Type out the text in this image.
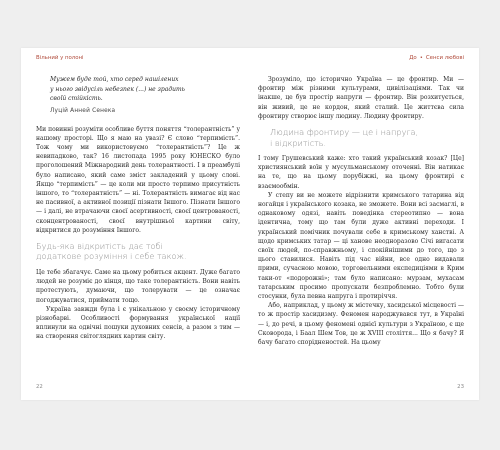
Вільний у полоні

Мужем буде той, хто серед нашілених
у нього звідусіль небезпек (...) не зрадить
своїй стійкість.

Луцій Анней Сенека

Ми повинні розуміти особливе буття поняття “толерантність” у нашому просторі. Що я маю на увазі? Є слово “терпимість”. Тож чому ми використовуємо “толерантність”? Це ж невипадково, так? 16 листопада 1995 року ЮНЕСКО було проголошений Міжнародний день толерантності. І в преамбулі було написано, який саме зміст закладений у цьому слові. Якщо “терпимість” — це коли ми просто терпимо присутність іншого, то “толерантність” — ні. Толерантність вимагає від нас не пасивної, а активної позиції пізнати Іншого. Пізнати Іншого — і далі, не втрачаючи своєї асертивності, своєї центрованості, сконцентрованості, своєї внутрішньої картини світу, відкритися до розуміння Іншого.

Будь-яка відкритість дає тобі
додаткове розуміння і себе також.

Це тебе збагачує. Саме на цьому робиться акцент. Дуже багато людей не розуміє до кінця, що таке толерантність. Вони навіть протестують, думаючи, що толерувати — це означає погоджуватися, приймати тощо.

Україна завжди була і є унікальною у своєму історичному різнобарві. Особливості формування української нації вплинули на одвічні пошуки духовних сенсів, а разом з тим — на створення світоглядних картин світу.

22
До • Сенси любові

Зрозуміло, що історично Україна — це фронтир. Ми — фронтир між різними культурами, цивілізаціями. Так чи інакше, це був простір напруги — фронтир. Він розхитується, він живий, це не кордон, який сталий. Це життєва сила фронтиру створює іншу людину. Людину фронтиру.

Людина фронтиру — це і напруга,
і відкритість.

І тому Грушевський каже: хто такий український козак? [Це] християнський воїн у мусульманському оточенні. Він натикає на те, що на цьому порубіжжі, на цьому фронтирі є взаємообмін.

У степу ви не можете відрізнити кримського татарина від ногайця і українського козака, не зможете. Вони всі засмаглі, в однаковому одязі, навіть поведінка стереотипно — вона ідентична, тому що там були дуже активні переходи. І український помічник почували себе в кримському ханстві. А щодо кримських татар — ці ханове неодноразово Січі вигасати своїх людей, по-справжньому, і спокійнішими до того, що з цього ставилися. Навіть під час війни, все одно видавали прими, сучасною мовою, торговельними експедиціями в Крим таки-от «подорожні»; там було написано: мурзам, мухасам татарським просимо пропускати безпроблемно. Тобто були стосунки, була певна напруга і протиріччя.

Або, наприклад, у цьому ж містечку, хасидської місцевості — то ж простір хасидизму. Феномен народжувався тут, в Україні — і, до речі, в цьому феномені однієї культури з Україною, є ще Сковорода, і Баал Шем Тов, це ж XVIII століття... Що я бачу? Я бачу багато спорідненостей. На цьому

23
